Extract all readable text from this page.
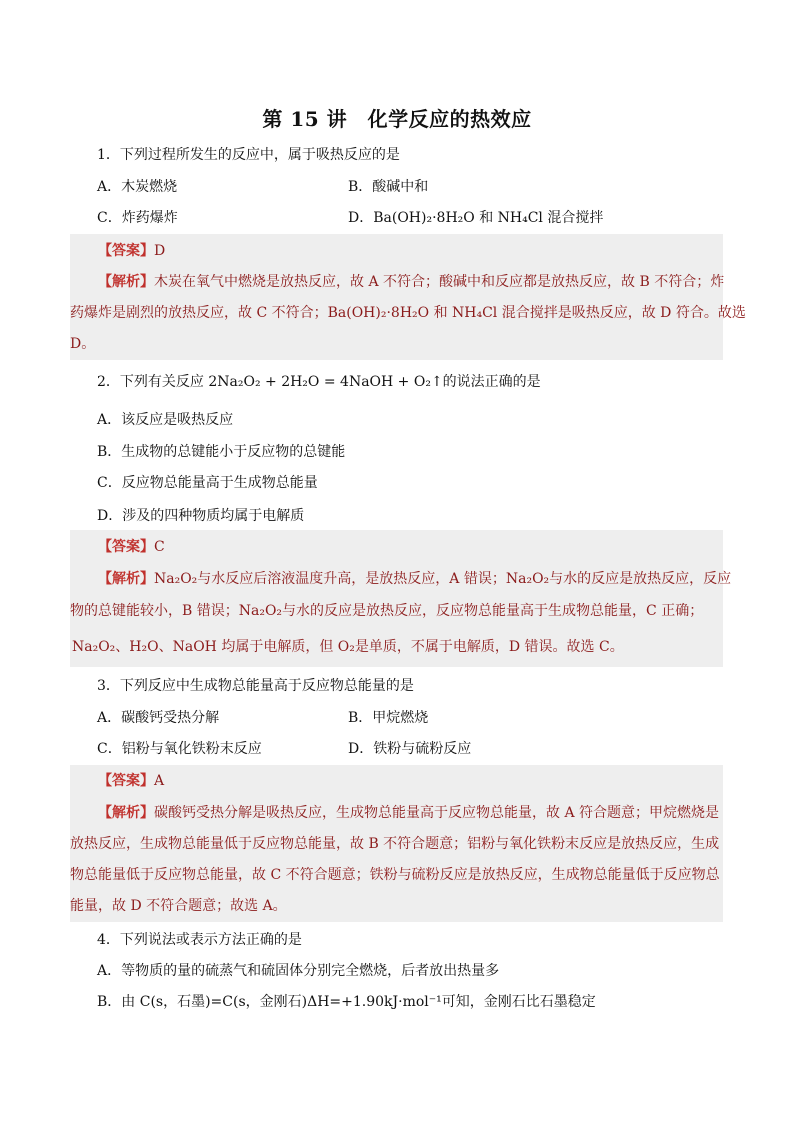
第 15 讲　化学反应的热效应
1．下列过程所发生的反应中，属于吸热反应的是
A．木炭燃烧	B．酸碱中和
C．炸药爆炸	D．Ba(OH)₂·8H₂O 和 NH₄Cl 混合搅拌
【答案】D
【解析】木炭在氧气中燃烧是放热反应，故 A 不符合；酸碱中和反应都是放热反应，故 B 不符合；炸
药爆炸是剧烈的放热反应，故 C 不符合；Ba(OH)₂·8H₂O 和 NH₄Cl 混合搅拌是吸热反应，故 D 符合。故选
D。
2．下列有关反应 2Na₂O₂ + 2H₂O = 4NaOH + O₂↑的说法正确的是
A．该反应是吸热反应
B．生成物的总键能小于反应物的总键能
C．反应物总能量高于生成物总能量
D．涉及的四种物质均属于电解质
【答案】C
【解析】Na₂O₂与水反应后溶液温度升高，是放热反应，A 错误；Na₂O₂与水的反应是放热反应，反应
物的总键能较小，B 错误；Na₂O₂与水的反应是放热反应，反应物总能量高于生成物总能量，C 正确；
Na₂O₂、H₂O、NaOH 均属于电解质，但 O₂是单质，不属于电解质，D 错误。故选 C。
3．下列反应中生成物总能量高于反应物总能量的是
A．碳酸钙受热分解	B．甲烷燃烧
C．铝粉与氧化铁粉末反应	D．铁粉与硫粉反应
【答案】A
【解析】碳酸钙受热分解是吸热反应，生成物总能量高于反应物总能量，故 A 符合题意；甲烷燃烧是
放热反应，生成物总能量低于反应物总能量，故 B 不符合题意；铝粉与氧化铁粉末反应是放热反应，生成
物总能量低于反应物总能量，故 C 不符合题意；铁粉与硫粉反应是放热反应，生成物总能量低于反应物总
能量，故 D 不符合题意；故选 A。
4．下列说法或表示方法正确的是
A．等物质的量的硫蒸气和硫固体分别完全燃烧，后者放出热量多
B．由 C(s，石墨)=C(s，金刚石)ΔH=+1.90kJ·mol⁻¹可知，金刚石比石墨稳定
